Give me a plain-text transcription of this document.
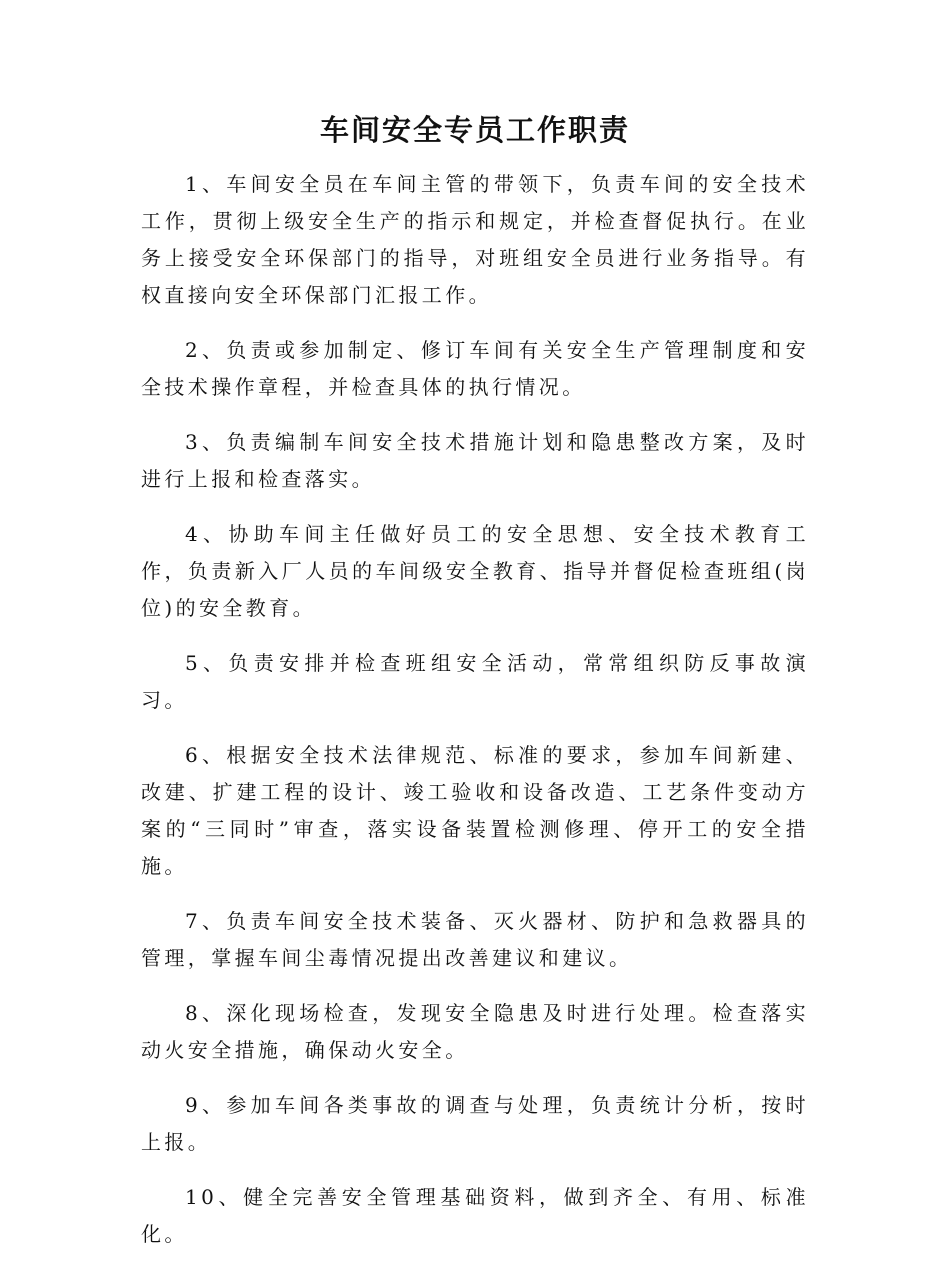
车间安全专员工作职责

1、车间安全员在车间主管的带领下，负责车间的安全技术工作，贯彻上级安全生产的指示和规定，并检查督促执行。在业务上接受安全环保部门的指导，对班组安全员进行业务指导。有权直接向安全环保部门汇报工作。

2、负责或参加制定、修订车间有关安全生产管理制度和安全技术操作章程，并检查具体的执行情况。

3、负责编制车间安全技术措施计划和隐患整改方案，及时进行上报和检查落实。

4、协助车间主任做好员工的安全思想、安全技术教育工作，负责新入厂人员的车间级安全教育、指导并督促检查班组(岗位)的安全教育。

5、负责安排并检查班组安全活动，常常组织防反事故演习。

6、根据安全技术法律规范、标准的要求，参加车间新建、改建、扩建工程的设计、竣工验收和设备改造、工艺条件变动方案的“三同时”审查，落实设备装置检测修理、停开工的安全措施。

7、负责车间安全技术装备、灭火器材、防护和急救器具的管理，掌握车间尘毒情况提出改善建议和建议。

8、深化现场检查，发现安全隐患及时进行处理。检查落实动火安全措施，确保动火安全。

9、参加车间各类事故的调查与处理，负责统计分析，按时上报。

10、健全完善安全管理基础资料，做到齐全、有用、标准化。
